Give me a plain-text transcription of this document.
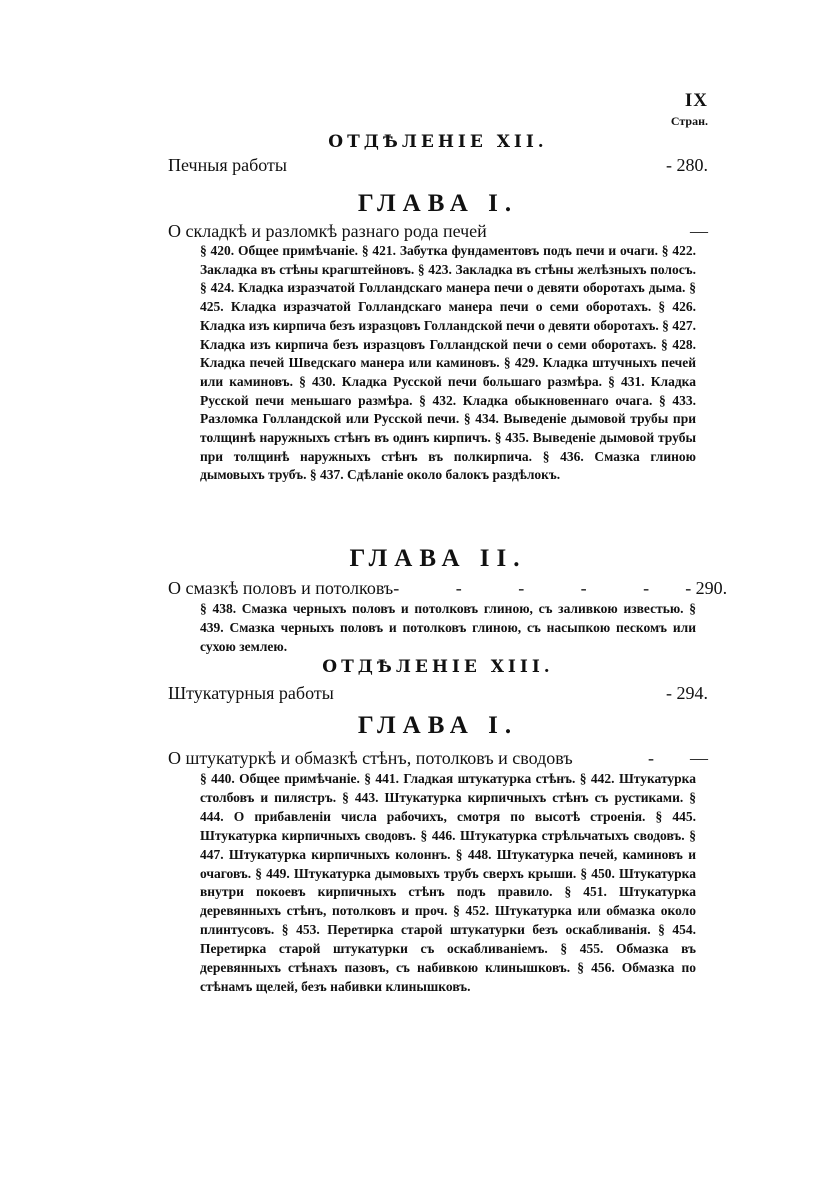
IX
Стран.
ОТДѢЛЕНІЕ XII.
Печныя работы	- 280.
ГЛАВА I.
О складкѣ и разломкѣ разнаго рода печей	—
§ 420. Общее примѣчаніе. § 421. Забутка фундаментовъ подъ печи и очаги. § 422. Закладка въ стѣны крагштейновъ. § 423. Закладка въ стѣны желѣзныхъ полосъ. § 424. Кладка изразчатой Голландскаго манера печи о девяти оборотахъ дыма. § 425. Кладка изразчатой Голландскаго манера печи о семи оборотахъ. § 426. Кладка изъ кирпича безъ изразцовъ Голландской печи о девяти оборотахъ. § 427. Кладка изъ кирпича безъ изразцовъ Голландской печи о семи оборотахъ. § 428. Кладка печей Шведскаго манера или каминовъ. § 429. Кладка штучныхъ печей или каминовъ. § 430. Кладка Русской печи большаго размѣра. § 431. Кладка Русской печи меньшаго размѣра. § 432. Кладка обыкновеннаго очага. § 433. Разломка Голландской или Русской печи. § 434. Выведеніе дымовой трубы при толщинѣ наружныхъ стѣнъ въ одинъ кирпичъ. § 435. Выведеніе дымовой трубы при толщинѣ наружныхъ стѣнъ въ полкирпича. § 436. Смазка глиною дымовыхъ трубъ. § 437. Сдѣланіе около балокъ раздѣлокъ.
ГЛАВА II.
О смазкѣ половъ и потолковъ - - - - - - 290.
§ 438. Смазка черныхъ половъ и потолковъ глиною, съ заливкою известью. § 439. Смазка черныхъ половъ и потолковъ глиною, съ насыпкою пескомъ или сухою землею.
ОТДѢЛЕНІЕ XIII.
Штукатурныя работы	- 294.
ГЛАВА I.
О штукатуркѣ и обмазкѣ стѣнъ, потолковъ и сводовъ	- —
§ 440. Общее примѣчаніе. § 441. Гладкая штукатурка стѣнъ. § 442. Штукатурка столбовъ и пилястръ. § 443. Штукатурка кирпичныхъ стѣнъ съ рустиками. § 444. О прибавленіи числа рабочихъ, смотря по высотѣ строенія. § 445. Штукатурка кирпичныхъ сводовъ. § 446. Штукатурка стрѣльчатыхъ сводовъ. § 447. Штукатурка кирпичныхъ колоннъ. § 448. Штукатурка печей, каминовъ и очаговъ. § 449. Штукатурка дымовыхъ трубъ сверхъ крыши. § 450. Штукатурка внутри покоевъ кирпичныхъ стѣнъ подъ правило. § 451. Штукатурка деревянныхъ стѣнъ, потолковъ и проч. § 452. Штукатурка или обмазка около плинтусовъ. § 453. Перетирка старой штукатурки безъ оскабливанія. § 454. Перетирка старой штукатурки съ оскабливаніемъ. § 455. Обмазка въ деревянныхъ стѣнахъ пазовъ, съ набивкою клинышковъ. § 456. Обмазка по стѣнамъ щелей, безъ набивки клинышковъ.
